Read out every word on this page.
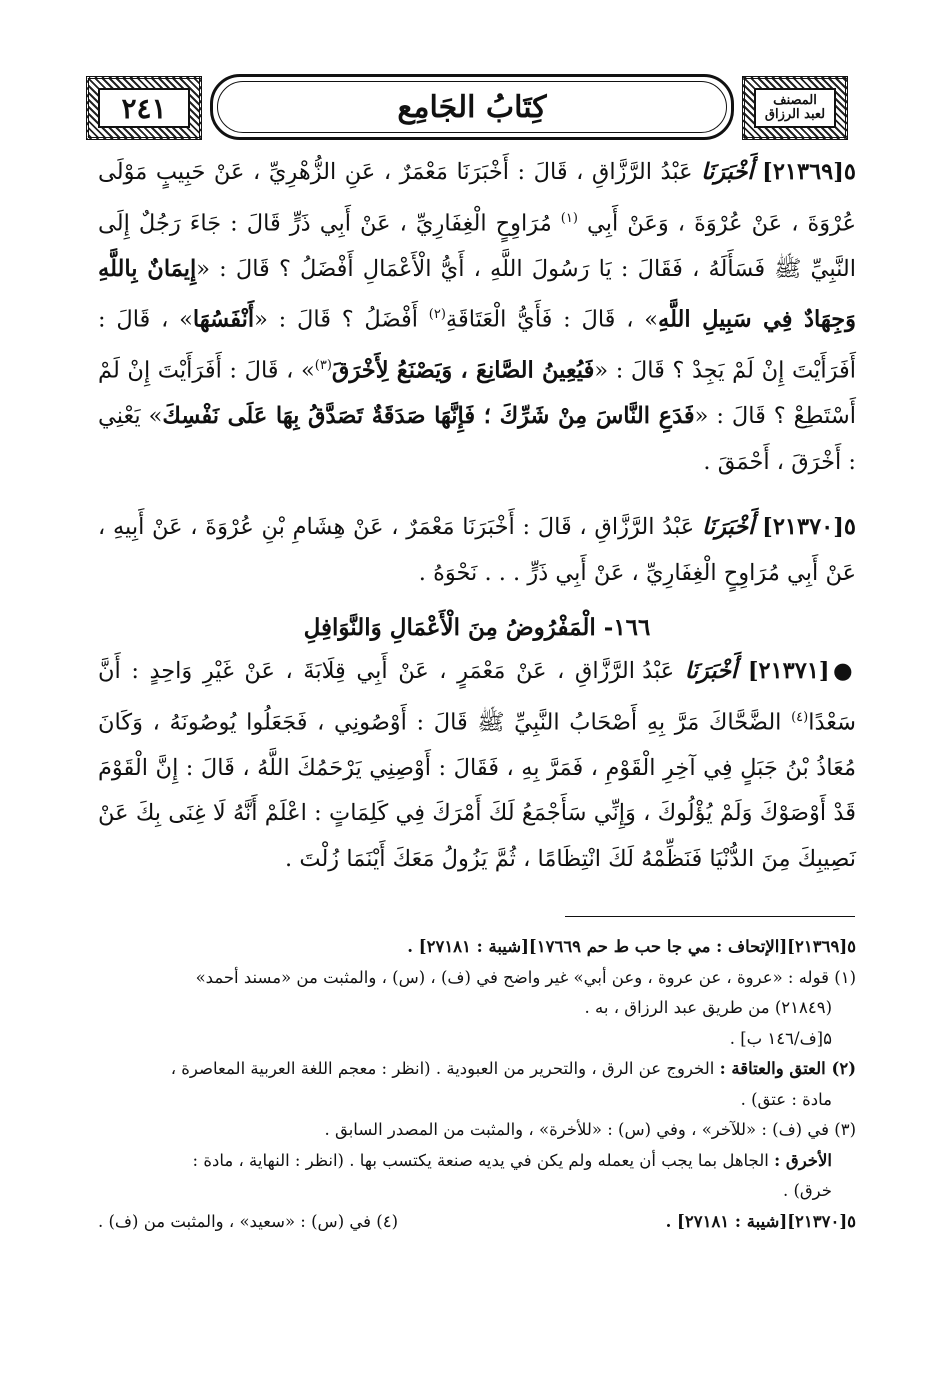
٢٤١	كِتَابُ الجَامِع	المصنف
لعبد الرزاق

٥[٢١٣٦٩] أَخْبَرَنَا عَبْدُ الرَّزَّاقِ ، قَالَ : أَخْبَرَنَا مَعْمَرٌ ، عَنِ الزُّهْرِيِّ ، عَنْ حَبِيبٍ مَوْلَى عُرْوَةَ ، عَنْ عُرْوَةَ ، وَعَنْ أَبِي $^{(١)}$ مُرَاوِحٍ الْغِفَارِيِّ ، عَنْ أَبِي ذَرٍّ قَالَ : جَاءَ رَجُلٌ إِلَى النَّبِيِّ ﷺ فَسَأَلَهُ ، فَقَالَ : يَا رَسُولَ اللَّهِ ، أَيُّ الْأَعْمَالِ أَفْضَلُ ؟ قَالَ : «إِيمَانٌ بِاللَّهِ وَجِهَادٌ فِي سَبِيلِ اللَّهِ» ، قَالَ : فَأَيُّ الْعَتَاقَةِ$^{(٢)}$ أَفْضَلُ ؟ قَالَ : «أَنْفَسُهَا» ، قَالَ : أَفَرَأَيْتَ إِنْ لَمْ يَجِدْ ؟ قَالَ : «فَيُعِينُ الصَّانِعَ ، وَيَصْنَعُ لِأَخْرَقَ$^{(٣)}$» ، قَالَ : أَفَرَأَيْتَ إِنْ لَمْ أَسْتَطِعْ ؟ قَالَ : «فَدَعِ النَّاسَ مِنْ شَرِّكَ ؛ فَإِنَّهَا صَدَقَةٌ تَصَدَّقُ بِهَا عَلَى نَفْسِكَ» يَعْنِي : أَخْرَقَ ، أَحْمَقَ .

٥[٢١٣٧٠] أَخْبَرَنَا عَبْدُ الرَّزَّاقِ ، قَالَ : أَخْبَرَنَا مَعْمَرٌ ، عَنْ هِشَامِ بْنِ عُرْوَةَ ، عَنْ أَبِيهِ ، عَنْ أَبِي مُرَاوِحٍ الْغِفَارِيِّ ، عَنْ أَبِي ذَرٍّ . . . نَحْوَهُ .

١٦٦- الْمَفْرُوضُ مِنَ الْأَعْمَالِ وَالنَّوَافِلِ

●[٢١٣٧١] أَخْبَرَنَا عَبْدُ الرَّزَّاقِ ، عَنْ مَعْمَرٍ ، عَنْ أَبِي قِلَابَةَ ، عَنْ غَيْرِ وَاحِدٍ : أَنَّ سَعْدًا$^{(٤)}$ الضَّحَّاكَ مَرَّ بِهِ أَصْحَابُ النَّبِيِّ ﷺ قَالَ : أَوْصُونِي ، فَجَعَلُوا يُوصُونَهُ ، وَكَانَ مُعَاذُ بْنُ جَبَلٍ فِي آخِرِ الْقَوْمِ ، فَمَرَّ بِهِ ، فَقَالَ : أَوْصِنِي يَرْحَمُكَ اللَّهُ ، قَالَ : إِنَّ الْقَوْمَ قَدْ أَوْصَوْكَ وَلَمْ يُؤْلُوكَ ، وَإِنِّي سَأَجْمَعُ لَكَ أَمْرَكَ فِي كَلِمَاتٍ : اعْلَمْ أَنَّهُ لَا غِنَى بِكَ عَنْ نَصِيبِكَ مِنَ الدُّنْيَا فَنَظِّمْهُ لَكَ انْتِظَامًا ، ثُمَّ يَزُولُ مَعَكَ أَيْنَمَا زُلْتَ .

٥[٢١٣٦٩][الإتحاف : مي جا حب ط حم ١٧٦٦٩][شيبة : ٢٧١٨١] .

(١) قوله : «عروة ، عن عروة ، وعن أبي» غير واضح في (ف) ، (س) ، والمثبت من «مسند أحمد»

(٢١٨٤٩) من طريق عبد الرزاق ، به .

۵[ف/١٤٦ ب] .

(٢) العتق والعتاقة : الخروج عن الرق ، والتحرير من العبودية . (انظر : معجم اللغة العربية المعاصرة ،

مادة : عتق) .

(٣) في (ف) : «للآخر» ، وفي (س) : «للأخرة» ، والمثبت من المصدر السابق .

الأخرق : الجاهل بما يجب أن يعمله ولم يكن في يديه صنعة يكتسب بها . (انظر : النهاية ، مادة :

خرق) .

٥[٢١٣٧٠][شيبة : ٢٧١٨١] .
(٤) في (س) : «سعيد» ، والمثبت من (ف) .
